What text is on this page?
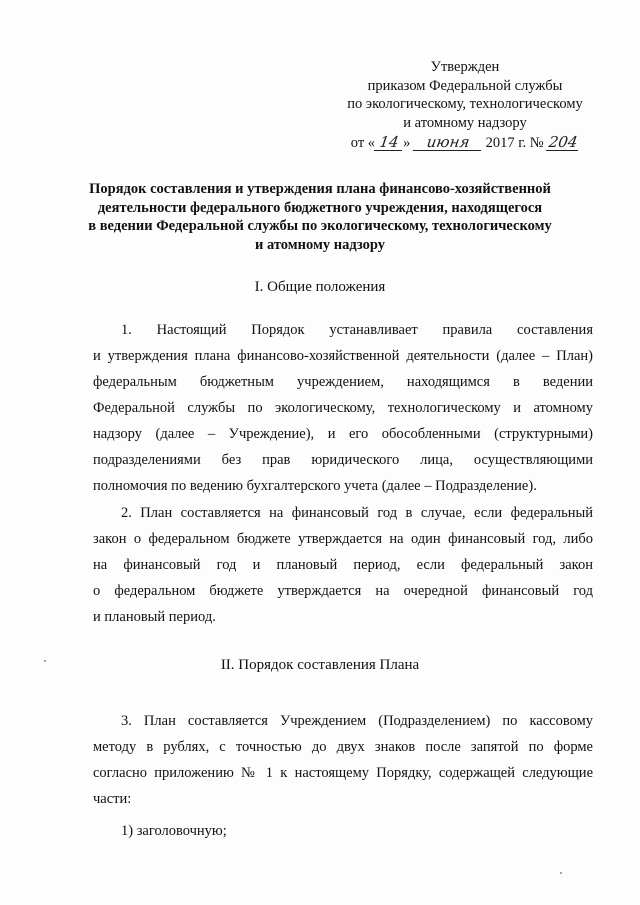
Утвержден
приказом Федеральной службы
по экологическому, технологическому
и атомному надзору
от « 14 » июня 2017 г. № 204
Порядок составления и утверждения плана финансово-хозяйственной
деятельности федерального бюджетного учреждения, находящегося
в ведении Федеральной службы по экологическому, технологическому
и атомному надзору
I. Общие положения
1. Настоящий Порядок устанавливает правила составления
и утверждения плана финансово-хозяйственной деятельности (далее – План)
федеральным бюджетным учреждением, находящимся в ведении
Федеральной службы по экологическому, технологическому и атомному
надзору (далее – Учреждение), и его обособленными (структурными)
подразделениями без прав юридического лица, осуществляющими
полномочия по ведению бухгалтерского учета (далее – Подразделение).
2. План составляется на финансовый год в случае, если федеральный
закон о федеральном бюджете утверждается на один финансовый год, либо
на финансовый год и плановый период, если федеральный закон
о федеральном бюджете утверждается на очередной финансовый год
и плановый период.
II. Порядок составления Плана
3. План составляется Учреждением (Подразделением) по кассовому
методу в рублях, с точностью до двух знаков после запятой по форме
согласно приложению № 1 к настоящему Порядку, содержащей следующие
части:
1) заголовочную;
